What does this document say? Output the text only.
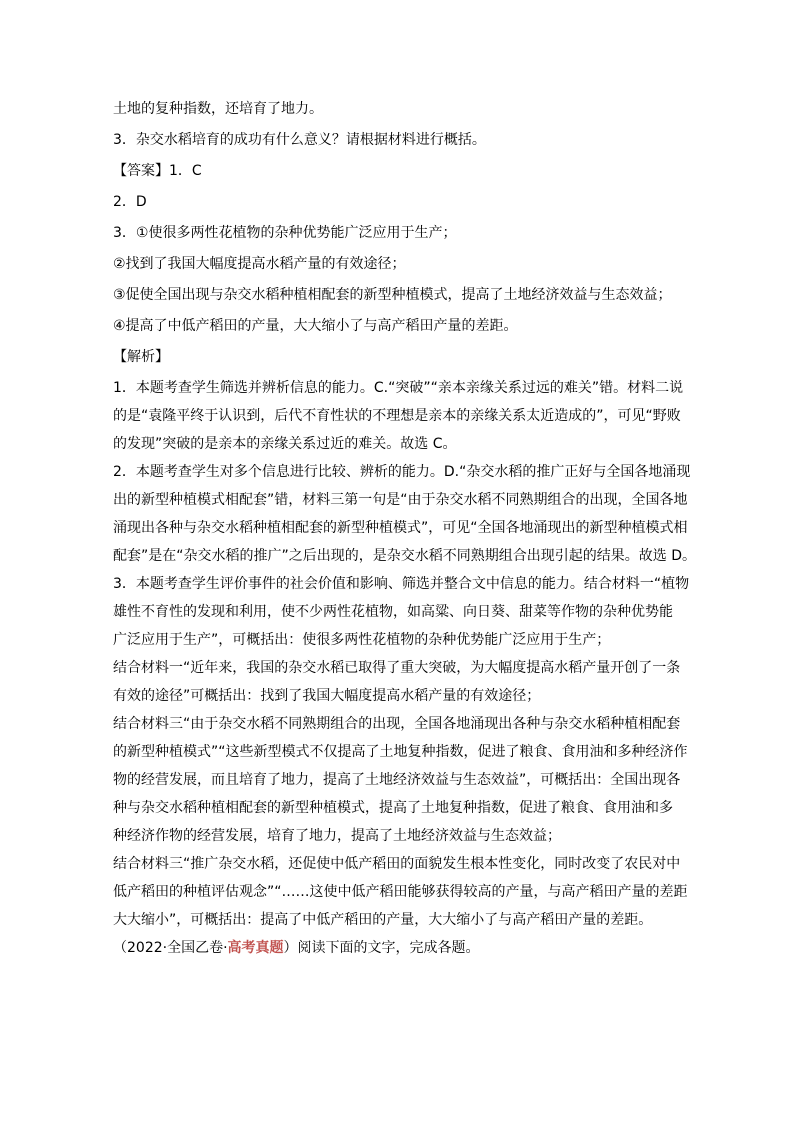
土地的复种指数，还培育了地力。

3．杂交水稻培育的成功有什么意义？请根据材料进行概括。

【答案】1．C

2．D

3．①使很多两性花植物的杂种优势能广泛应用于生产；

②找到了我国大幅度提高水稻产量的有效途径；

③促使全国出现与杂交水稻种植相配套的新型种植模式，提高了土地经济效益与生态效益；

④提高了中低产稻田的产量，大大缩小了与高产稻田产量的差距。

【解析】

1．本题考查学生筛选并辨析信息的能力。C.“突破”“亲本亲缘关系过远的难关”错。材料二说

的是“袁隆平终于认识到，后代不育性状的不理想是亲本的亲缘关系太近造成的”，可见“野败

的发现”突破的是亲本的亲缘关系过近的难关。故选 C。

2．本题考查学生对多个信息进行比较、辨析的能力。D.“杂交水稻的推广正好与全国各地涌现

出的新型种植模式相配套”错，材料三第一句是“由于杂交水稻不同熟期组合的出现，全国各地

涌现出各种与杂交水稻种植相配套的新型种植模式”，可见“全国各地涌现出的新型种植模式相

配套”是在“杂交水稻的推广”之后出现的，是杂交水稻不同熟期组合出现引起的结果。故选 D。

3．本题考查学生评价事件的社会价值和影响、筛选并整合文中信息的能力。结合材料一“植物

雄性不育性的发现和利用，使不少两性花植物，如高粱、向日葵、甜菜等作物的杂种优势能

广泛应用于生产”，可概括出：使很多两性花植物的杂种优势能广泛应用于生产；

结合材料一“近年来，我国的杂交水稻已取得了重大突破，为大幅度提高水稻产量开创了一条

有效的途径”可概括出：找到了我国大幅度提高水稻产量的有效途径；

结合材料三“由于杂交水稻不同熟期组合的出现，全国各地涌现出各种与杂交水稻种植相配套

的新型种植模式”“这些新型模式不仅提高了土地复种指数，促进了粮食、食用油和多种经济作

物的经营发展，而且培育了地力，提高了土地经济效益与生态效益”，可概括出：全国出现各

种与杂交水稻种植相配套的新型种植模式，提高了土地复种指数，促进了粮食、食用油和多

种经济作物的经营发展，培育了地力，提高了土地经济效益与生态效益；

结合材料三“推广杂交水稻，还促使中低产稻田的面貌发生根本性变化，同时改变了农民对中

低产稻田的种植评估观念”“……这使中低产稻田能够获得较高的产量，与高产稻田产量的差距

大大缩小”，可概括出：提高了中低产稻田的产量，大大缩小了与高产稻田产量的差距。

（2022·全国乙卷·高考真题）阅读下面的文字，完成各题。
